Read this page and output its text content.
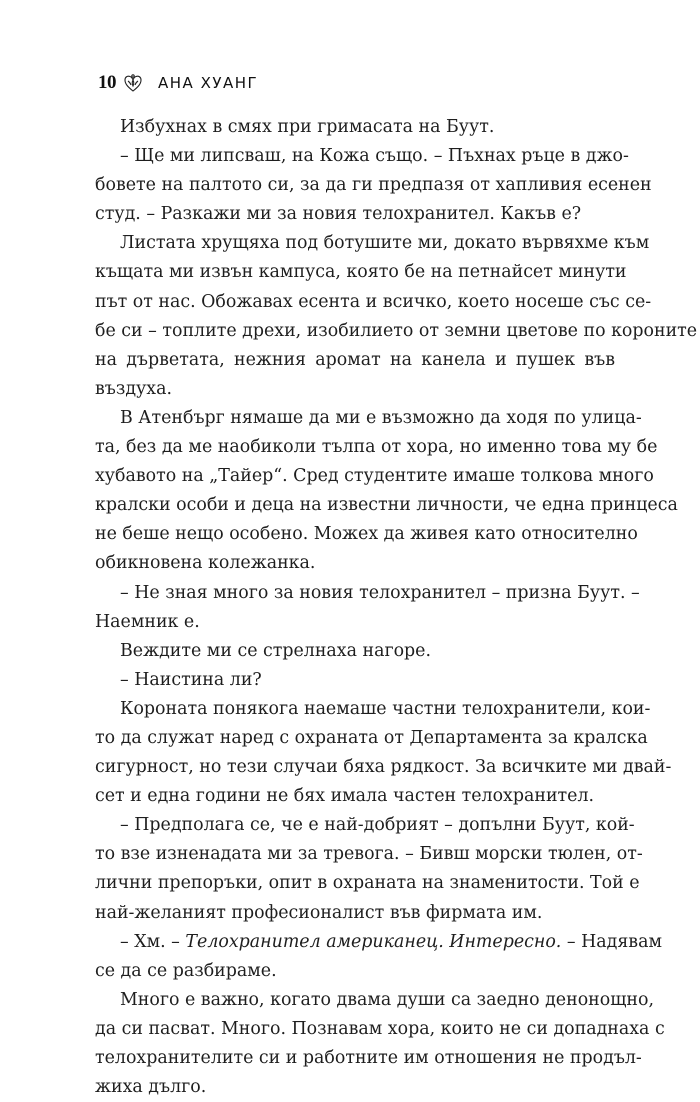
10	АНА ХУАНГ
Избухнах в смях при гримасата на Буут.
– Ще ми липсваш, на Кожа също. – Пъхнах ръце в джо-
бовете на палтото си, за да ги предпазя от хапливия есенен
студ. – Разкажи ми за новия телохранител. Какъв е?
Листата хрущяха под ботушите ми, докато вървяхме към
къщата ми извън кампуса, която бе на петнайсет минути
път от нас. Обожавах есента и всичко, което носеше със се-
бе си – топлите дрехи, изобилието от земни цветове по короните
на дърветата, нежния аромат на канела и пушек във
въздуха.
В Атенбърг нямаше да ми е възможно да ходя по улица-
та, без да ме наобиколи тълпа от хора, но именно това му бе
хубавото на „Тайер“. Сред студентите имаше толкова много
кралски особи и деца на известни личности, че една принцеса
не беше нещо особено. Можех да живея като относително
обикновена колежанка.
– Не зная много за новия телохранител – призна Буут. –
Наемник е.
Веждите ми се стрелнаха нагоре.
– Наистина ли?
Короната понякога наемаше частни телохранители, кои-
то да служат наред с охраната от Департамента за кралска
сигурност, но тези случаи бяха рядкост. За всичките ми двай-
сет и една години не бях имала частен телохранител.
– Предполага се, че е най-добрият – допълни Буут, кой-
то взе изненадата ми за тревога. – Бивш морски тюлен, от-
лични препоръки, опит в охраната на знаменитости. Той е
най-желаният професионалист във фирмата им.
– Хм. – Телохранител американец. Интересно. – Надявам
се да се разбираме.
Много е важно, когато двама души са заедно денонощно,
да си пасват. Много. Познавам хора, които не си допаднаха с
телохранителите си и работните им отношения не продъл-
жиха дълго.
